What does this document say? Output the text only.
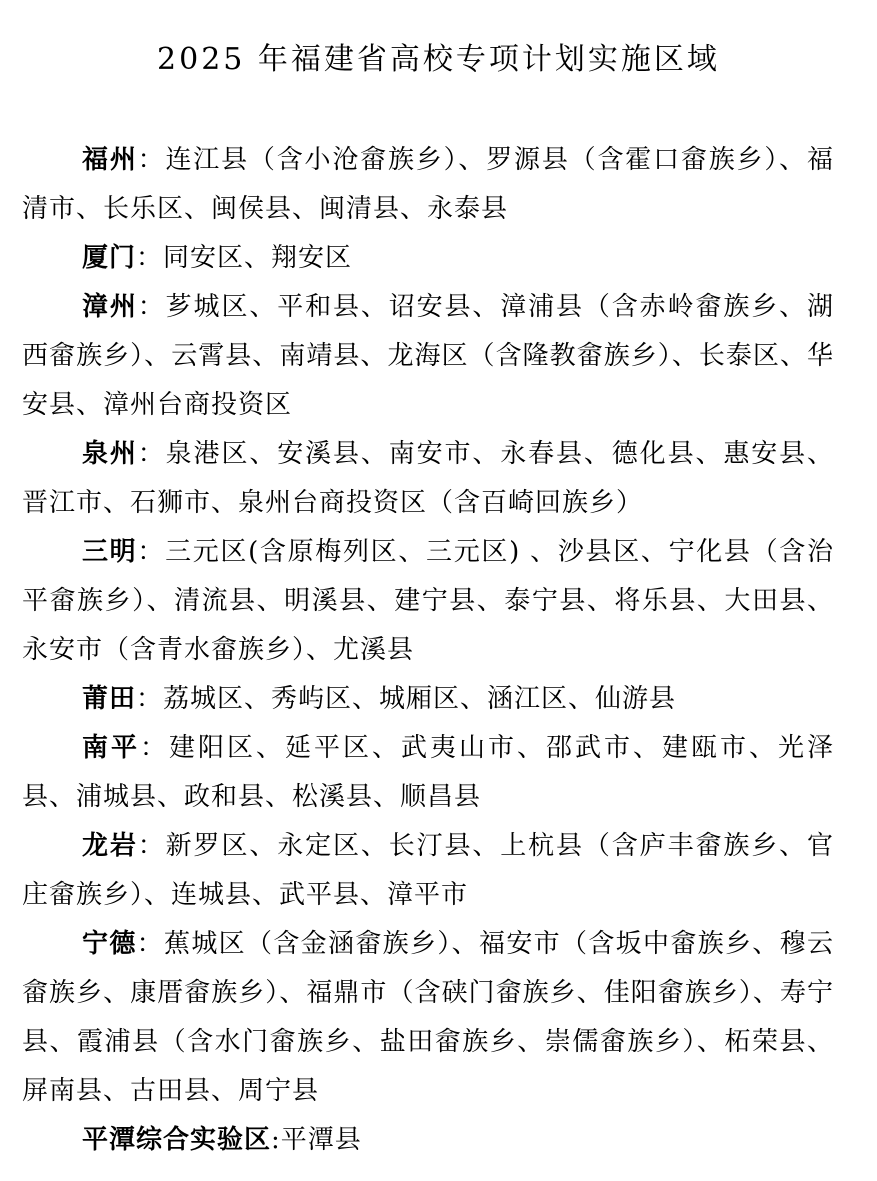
2025 年福建省高校专项计划实施区域

福州：连江县（含小沧畲族乡）、罗源县（含霍口畲族乡）、福清市、长乐区、闽侯县、闽清县、永泰县

厦门：同安区、翔安区

漳州：芗城区、平和县、诏安县、漳浦县（含赤岭畲族乡、湖西畲族乡）、云霄县、南靖县、龙海区（含隆教畲族乡）、长泰区、华安县、漳州台商投资区

泉州：泉港区、安溪县、南安市、永春县、德化县、惠安县、晋江市、石狮市、泉州台商投资区（含百崎回族乡）

三明：三元区(含原梅列区、三元区) 、沙县区、宁化县（含治平畲族乡）、清流县、明溪县、建宁县、泰宁县、将乐县、大田县、永安市（含青水畲族乡）、尤溪县

莆田：荔城区、秀屿区、城厢区、涵江区、仙游县

南平：建阳区、延平区、武夷山市、邵武市、建瓯市、光泽县、浦城县、政和县、松溪县、顺昌县

龙岩：新罗区、永定区、长汀县、上杭县（含庐丰畲族乡、官庄畲族乡）、连城县、武平县、漳平市

宁德：蕉城区（含金涵畲族乡）、福安市（含坂中畲族乡、穆云畲族乡、康厝畲族乡）、福鼎市（含硖门畲族乡、佳阳畲族乡）、寿宁县、霞浦县（含水门畲族乡、盐田畲族乡、崇儒畲族乡）、柘荣县、屏南县、古田县、周宁县

平潭综合实验区:平潭县
